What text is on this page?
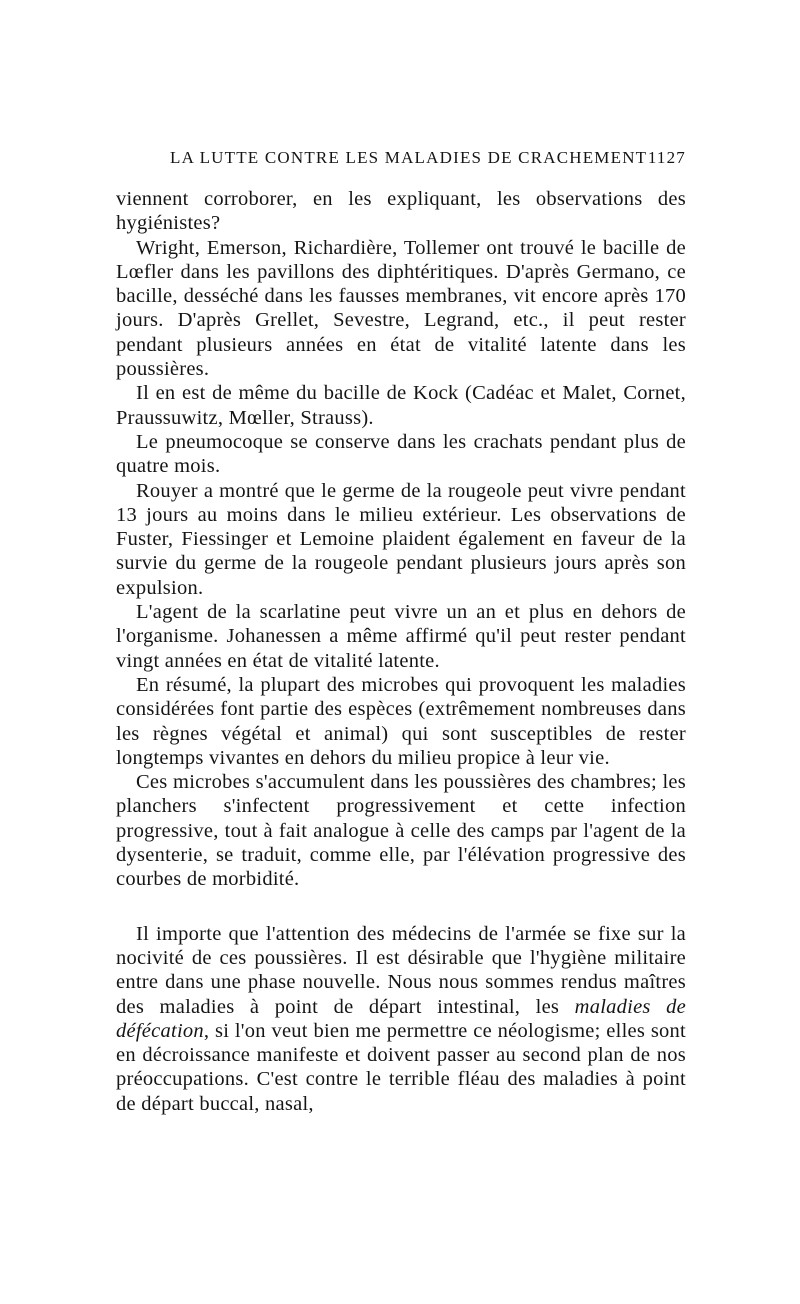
LA LUTTE CONTRE LES MALADIES DE CRACHEMENT 1127

viennent corroborer, en les expliquant, les observations des hygiénistes?

Wright, Emerson, Richardière, Tollemer ont trouvé le bacille de Lœfler dans les pavillons des diphtéritiques. D'après Germano, ce bacille, desséché dans les fausses membranes, vit encore après 170 jours. D'après Grellet, Sevestre, Legrand, etc., il peut rester pendant plusieurs années en état de vitalité latente dans les poussières.

Il en est de même du bacille de Kock (Cadéac et Malet, Cornet, Praussuwitz, Mœller, Strauss).

Le pneumocoque se conserve dans les crachats pendant plus de quatre mois.

Rouyer a montré que le germe de la rougeole peut vivre pendant 13 jours au moins dans le milieu extérieur. Les observations de Fuster, Fiessinger et Lemoine plaident également en faveur de la survie du germe de la rougeole pendant plusieurs jours après son expulsion.

L'agent de la scarlatine peut vivre un an et plus en dehors de l'organisme. Johanessen a même affirmé qu'il peut rester pendant vingt années en état de vitalité latente.

En résumé, la plupart des microbes qui provoquent les maladies considérées font partie des espèces (extrêmement nombreuses dans les règnes végétal et animal) qui sont susceptibles de rester longtemps vivantes en dehors du milieu propice à leur vie.

Ces microbes s'accumulent dans les poussières des chambres; les planchers s'infectent progressivement et cette infection progressive, tout à fait analogue à celle des camps par l'agent de la dysenterie, se traduit, comme elle, par l'élévation progressive des courbes de morbidité.

Il importe que l'attention des médecins de l'armée se fixe sur la nocivité de ces poussières. Il est désirable que l'hygiène militaire entre dans une phase nouvelle. Nous nous sommes rendus maîtres des maladies à point de départ intestinal, les maladies de défécation, si l'on veut bien me permettre ce néologisme; elles sont en décroissance manifeste et doivent passer au second plan de nos préoccupations. C'est contre le terrible fléau des maladies à point de départ buccal, nasal,
